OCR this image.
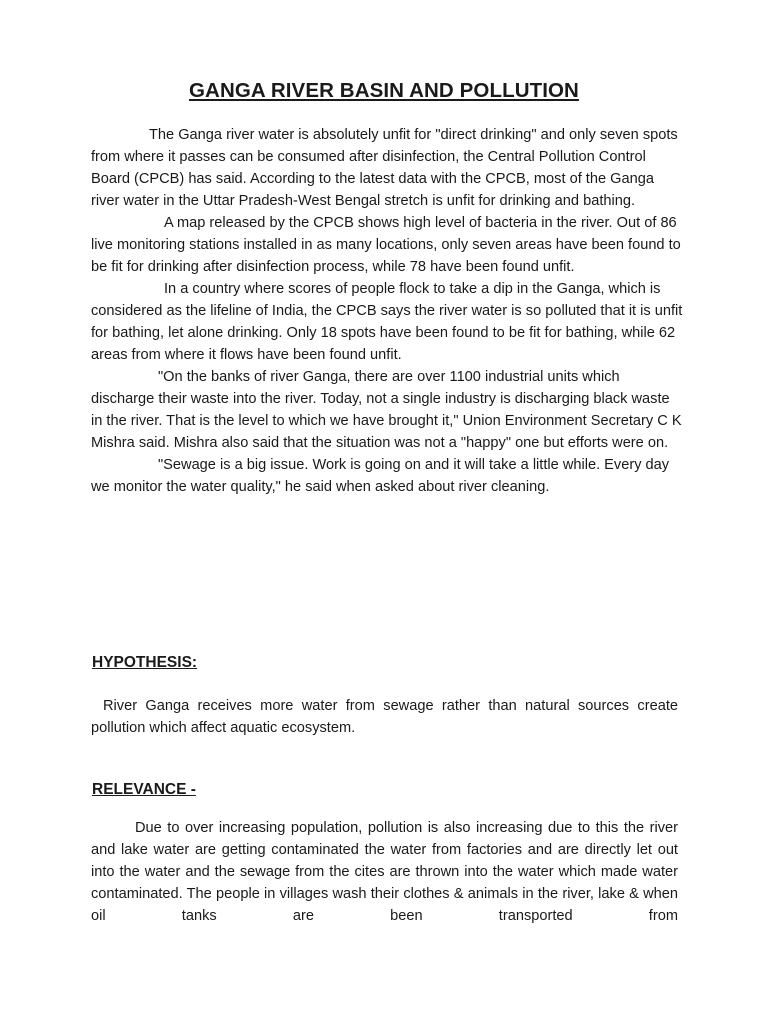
GANGA RIVER BASIN AND POLLUTION

The Ganga river water is absolutely unfit for "direct drinking" and only seven spots from where it passes can be consumed after disinfection, the Central Pollution Control Board (CPCB) has said. According to the latest data with the CPCB, most of the Ganga river water in the Uttar Pradesh-West Bengal stretch is unfit for drinking and bathing.

A map released by the CPCB shows high level of bacteria in the river. Out of 86 live monitoring stations installed in as many locations, only seven areas have been found to be fit for drinking after disinfection process, while 78 have been found unfit.

In a country where scores of people flock to take a dip in the Ganga, which is considered as the lifeline of India, the CPCB says the river water is so polluted that it is unfit for bathing, let alone drinking. Only 18 spots have been found to be fit for bathing, while 62 areas from where it flows have been found unfit.

"On the banks of river Ganga, there are over 1100 industrial units which discharge their waste into the river. Today, not a single industry is discharging black waste in the river. That is the level to which we have brought it," Union Environment Secretary C K Mishra said. Mishra also said that the situation was not a "happy" one but efforts were on.

"Sewage is a big issue. Work is going on and it will take a little while. Every day we monitor the water quality," he said when asked about river cleaning.

HYPOTHESIS:
River Ganga receives more water from sewage rather than natural sources create pollution which affect aquatic ecosystem.
RELEVANCE -
Due to over increasing population, pollution is also increasing due to this the river and lake water are getting contaminated the water from factories and are directly let out into the water and the sewage from the cites are thrown into the water which made water contaminated. The people in villages wash their clothes & animals in the river, lake & when oil tanks are been transported from
